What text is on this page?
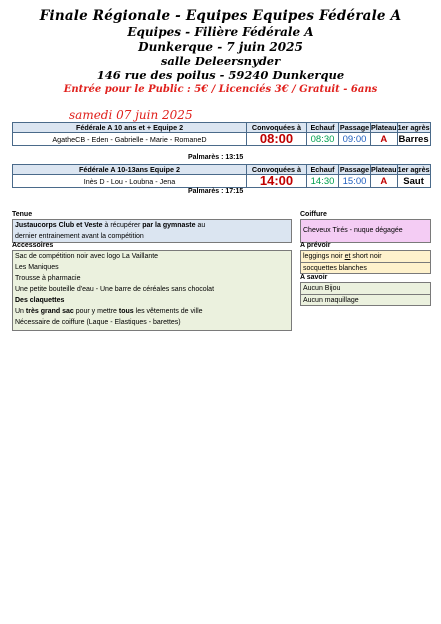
Finale Régionale - Equipes Equipes Fédérale A
Equipes - Filière Fédérale A
Dunkerque - 7 juin 2025
salle Deleersnyder
146 rue des poilus - 59240 Dunkerque
Entrée pour le Public : 5€ / Licenciés 3€ / Gratuit - 6ans
samedi 07 juin 2025
Fédérale A 10 ans et + Equipe 2	Convoquées à	Echauf	Passage	Plateau	1er agrès
AgatheCB - Eden - Gabrielle - Marie - RomaneD	08:00	08:30	09:00	A	Barres
Palmarès : 13:15
Fédérale A 10-13ans Equipe 2	Convoquées à	Echauf	Passage	Plateau	1er agrès
Inès D - Lou - Loubna - Jena	14:00	14:30	15:00	A	Saut
Palmarès : 17:15
Tenue
Justaucorps Club et Veste à récupérer par la gymnaste au
dernier entrainement avant la compétition
Accessoires
Sac de compétition noir avec logo La Vaillante
Les Maniques
Trousse à pharmacie
Une petite bouteille d'eau - Une barre de céréales sans chocolat
Des claquettes
Un très grand sac pour y mettre tous les vêtements de ville
Nécessaire de coiffure (Laque - Elastiques - barettes)
Coiffure
Cheveux Tirés - nuque dégagée
A prévoir
leggings noir et short noir
socquettes blanches
A savoir
Aucun Bijou
Aucun maquillage
